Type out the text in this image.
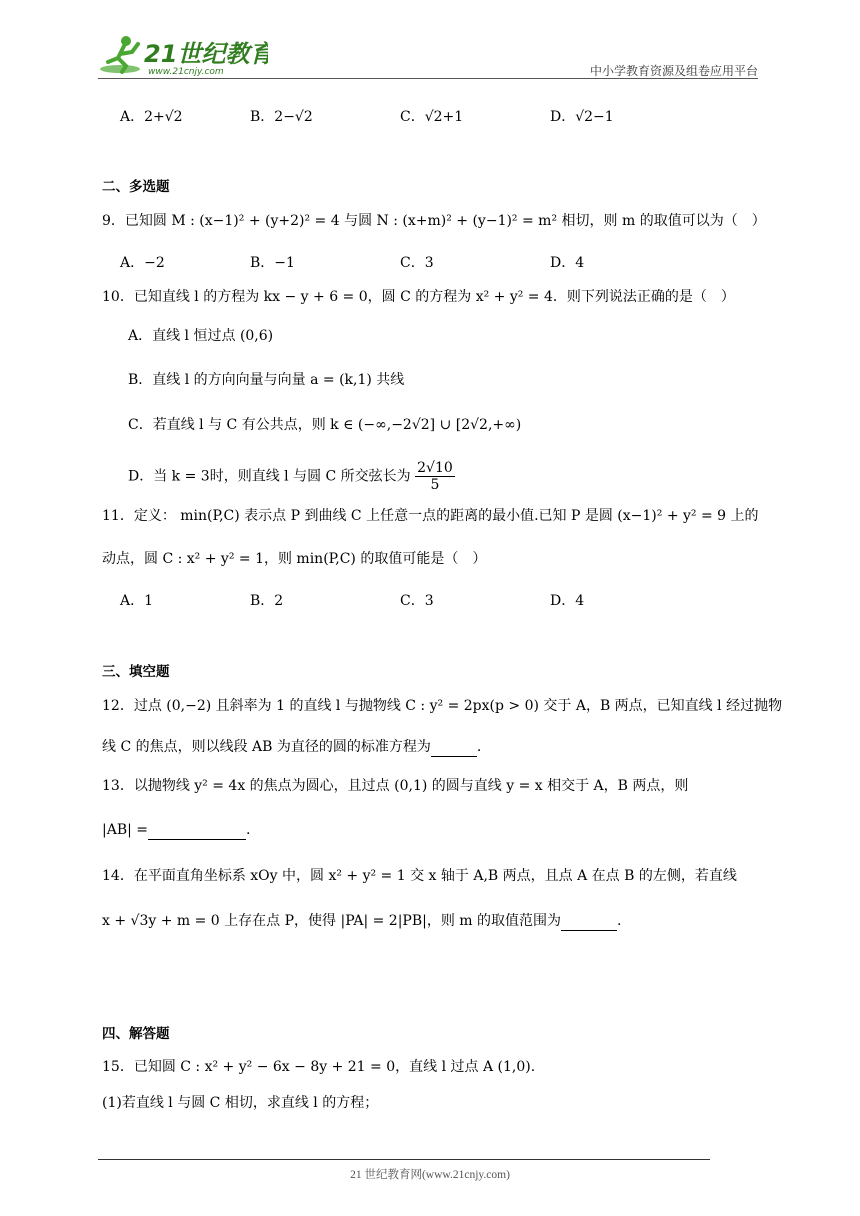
21世纪教育
www.21cnjy.com	中小学教育资源及组卷应用平台
A．2+√2	B．2−√2	C．√2+1	D．√2−1
二、多选题
9．已知圆 M : (x−1)² + (y+2)² = 4 与圆 N : (x+m)² + (y−1)² = m² 相切，则 m 的取值可以为（　）
A．−2	B．−1	C．3	D．4
10．已知直线 l 的方程为 kx − y + 6 = 0，圆 C 的方程为 x² + y² = 4．则下列说法正确的是（　）
A．直线 l 恒过点 (0,6)
B．直线 l 的方向向量与向量 a = (k,1) 共线
C．若直线 l 与 C 有公共点，则 k ∈ (−∞,−2√2] ∪ [2√2,+∞)
D．当 k = 3时，则直线 l 与圆 C 所交弦长为 $\frac{2√10}{5}$
11．定义： min(P,C) 表示点 P 到曲线 C 上任意一点的距离的最小值.已知 P 是圆 (x−1)² + y² = 9 上的
动点，圆 C : x² + y² = 1，则 min(P,C) 的取值可能是（　）
A．1	B．2	C．3	D．4
三、填空题
12．过点 (0,−2) 且斜率为 1 的直线 l 与抛物线 C : y² = 2px(p > 0) 交于 A，B 两点，已知直线 l 经过抛物
线 C 的焦点，则以线段 AB 为直径的圆的标准方程为	.
13．以抛物线 y² = 4x 的焦点为圆心，且过点 (0,1) 的圆与直线 y = x 相交于 A，B 两点，则
|AB| =	.
14．在平面直角坐标系 xOy 中，圆 x² + y² = 1 交 x 轴于 A,B 两点，且点 A 在点 B 的左侧，若直线
x + √3y + m = 0 上存在点 P，使得 |PA| = 2|PB|，则 m 的取值范围为	.
四、解答题
15．已知圆 C : x² + y² − 6x − 8y + 21 = 0，直线 l 过点 A (1,0).
(1)若直线 l 与圆 C 相切，求直线 l 的方程；
21 世纪教育网(www.21cnjy.com)
